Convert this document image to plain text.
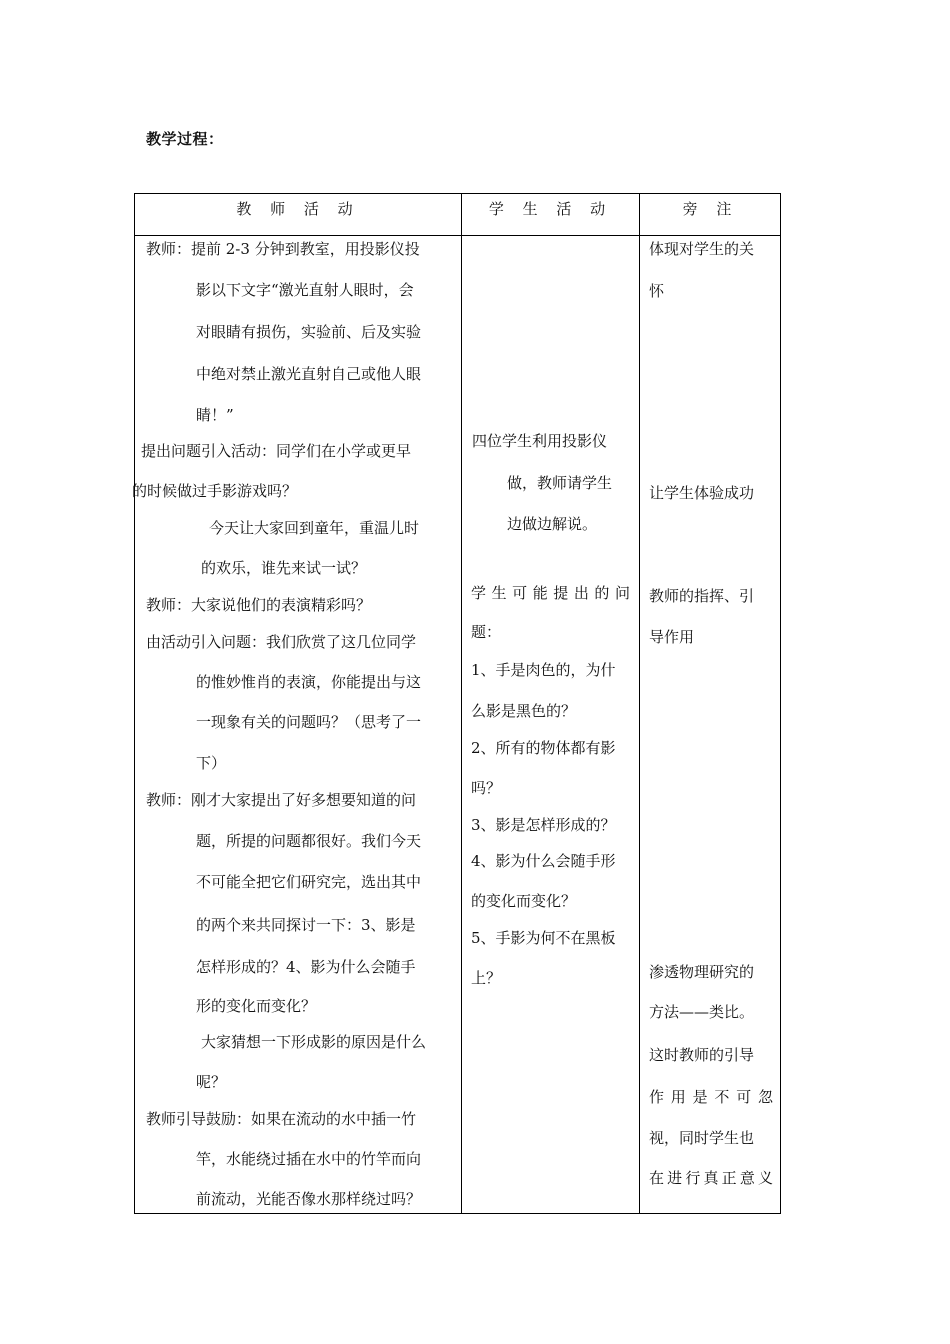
教学过程：
教 师 活 动	学 生 活 动	旁 注
教师：提前 2-3 分钟到教室，用投影仪投
影以下文字“激光直射人眼时，会
对眼睛有损伤，实验前、后及实验
中绝对禁止激光直射自己或他人眼
睛！”
提出问题引入活动：同学们在小学或更早
的时候做过手影游戏吗？
今天让大家回到童年，重温儿时
的欢乐，谁先来试一试？
教师：大家说他们的表演精彩吗？
由活动引入问题：我们欣赏了这几位同学
的惟妙惟肖的表演，你能提出与这
一现象有关的问题吗？（思考了一
下）
教师：刚才大家提出了好多想要知道的问
题，所提的问题都很好。我们今天
不可能全把它们研究完，选出其中
的两个来共同探讨一下：3、影是
怎样形成的？4、影为什么会随手
形的变化而变化？
大家猜想一下形成影的原因是什么
呢？
教师引导鼓励：如果在流动的水中插一竹
竿，水能绕过插在水中的竹竿而向
前流动，光能否像水那样绕过吗？
四位学生利用投影仪
做，教师请学生
边做边解说。
学生可能提出的问
题：
1、手是肉色的，为什
么影是黑色的？
2、所有的物体都有影
吗？
3、影是怎样形成的？
4、影为什么会随手形
的变化而变化？
5、手影为何不在黑板
上？
体现对学生的关
怀
让学生体验成功
教师的指挥、引
导作用
渗透物理研究的
方法——类比。
这时教师的引导
作用是不可忽
视，同时学生也
在进行真正意义
